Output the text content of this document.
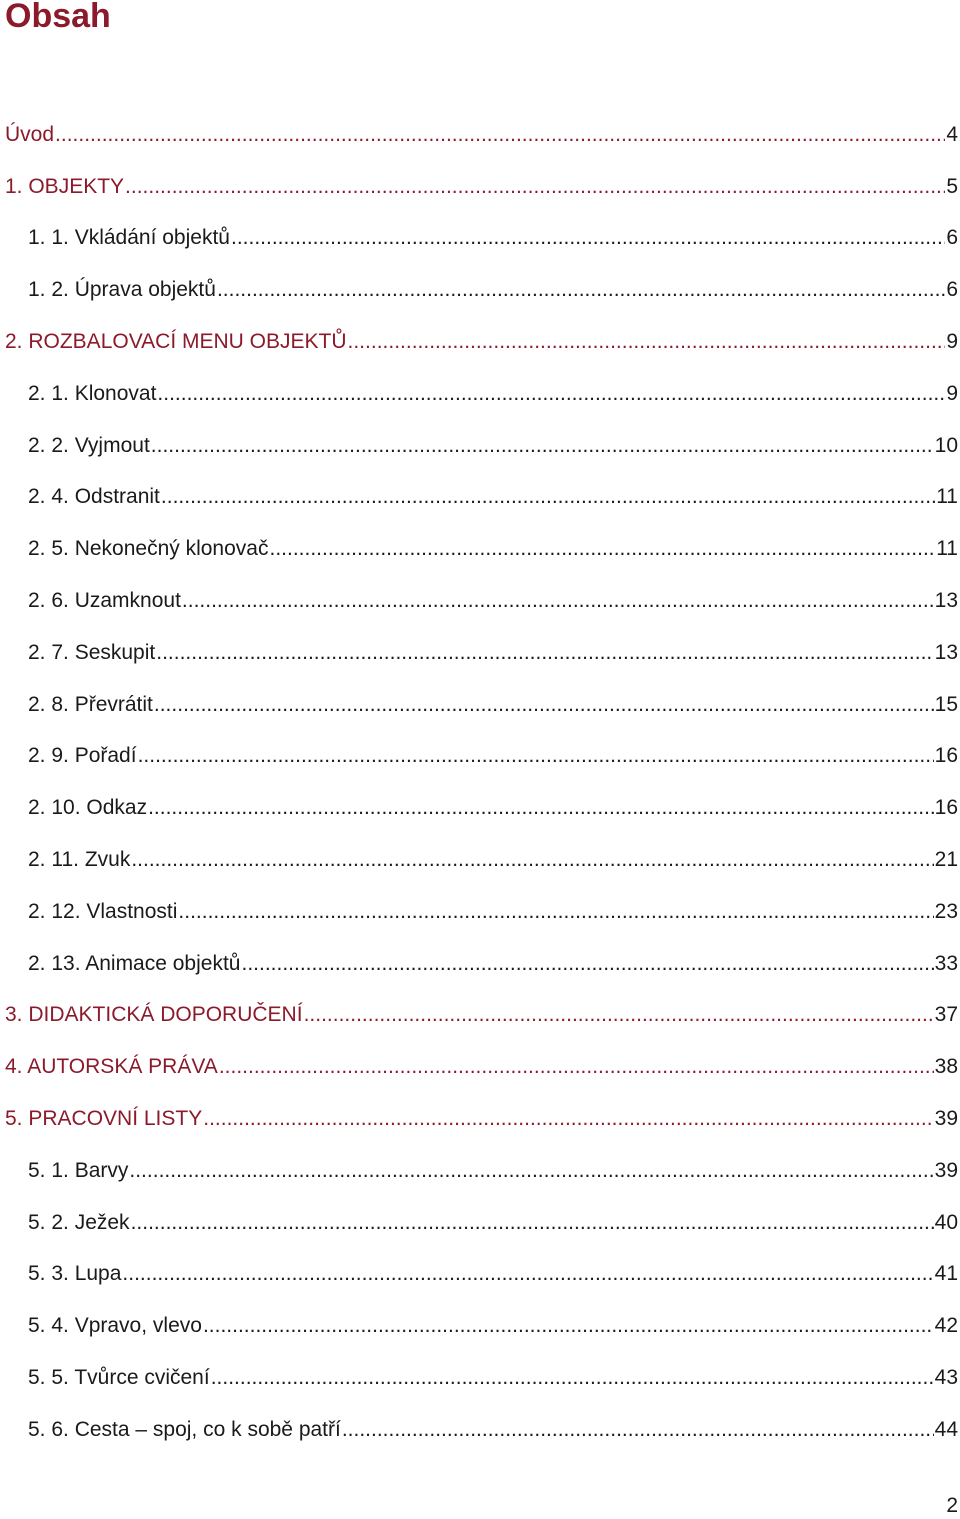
Obsah
Úvod .....	4
1. OBJEKTY .....	5
1. 1. Vkládání objektů .....	6
1. 2. Úprava objektů .....	6
2. ROZBALOVACÍ MENU OBJEKTŮ .....	9
2. 1. Klonovat .....	9
2. 2. Vyjmout .....	10
2. 4. Odstranit .....	11
2. 5. Nekonečný klonovač .....	11
2. 6. Uzamknout .....	13
2. 7. Seskupit .....	13
2. 8. Převrátit .....	15
2. 9. Pořadí .....	16
2. 10. Odkaz .....	16
2. 11. Zvuk .....	21
2. 12. Vlastnosti .....	23
2. 13. Animace objektů .....	33
3. DIDAKTICKÁ DOPORUČENÍ .....	37
4. AUTORSKÁ PRÁVA .....	38
5. PRACOVNÍ LISTY .....	39
5. 1. Barvy .....	39
5. 2. Ježek .....	40
5. 3. Lupa .....	41
5. 4. Vpravo, vlevo .....	42
5. 5. Tvůrce cvičení .....	43
5. 6. Cesta – spoj, co k sobě patří .....	44
2
